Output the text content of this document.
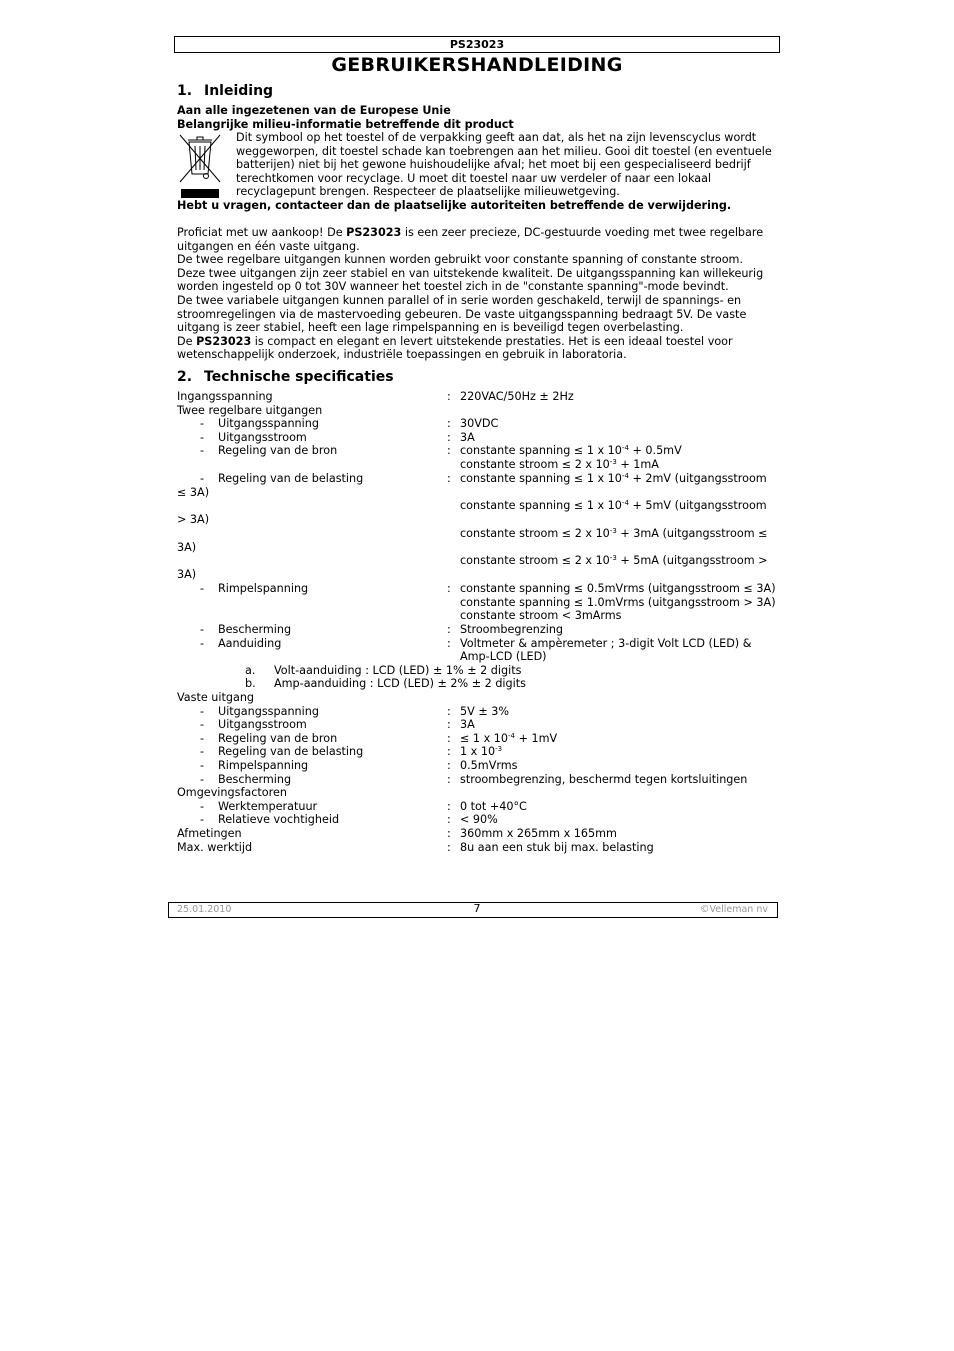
PS23023
GEBRUIKERSHANDLEIDING
1. Inleiding
Aan alle ingezetenen van de Europese Unie
Belangrijke milieu-informatie betreffende dit product
Dit symbool op het toestel of de verpakking geeft aan dat, als het na zijn levenscyclus wordt
weggeworpen, dit toestel schade kan toebrengen aan het milieu. Gooi dit toestel (en eventuele
batterijen) niet bij het gewone huishoudelijke afval; het moet bij een gespecialiseerd bedrijf
terechtkomen voor recyclage. U moet dit toestel naar uw verdeler of naar een lokaal
recyclagepunt brengen. Respecteer de plaatselijke milieuwetgeving.
Hebt u vragen, contacteer dan de plaatselijke autoriteiten betreffende de verwijdering.
Proficiat met uw aankoop! De PS23023 is een zeer precieze, DC-gestuurde voeding met twee regelbare
uitgangen en één vaste uitgang.
De twee regelbare uitgangen kunnen worden gebruikt voor constante spanning of constante stroom.
Deze twee uitgangen zijn zeer stabiel en van uitstekende kwaliteit. De uitgangsspanning kan willekeurig
worden ingesteld op 0 tot 30V wanneer het toestel zich in de "constante spanning"-mode bevindt.
De twee variabele uitgangen kunnen parallel of in serie worden geschakeld, terwijl de spannings- en
stroomregelingen via de mastervoeding gebeuren. De vaste uitgangsspanning bedraagt 5V. De vaste
uitgang is zeer stabiel, heeft een lage rimpelspanning en is beveiligd tegen overbelasting.
De PS23023 is compact en elegant en levert uitstekende prestaties. Het is een ideaal toestel voor
wetenschappelijk onderzoek, industriële toepassingen en gebruik in laboratoria.
2. Technische specificaties
Ingangsspanning	: 220VAC/50Hz ± 2Hz
Twee regelbare uitgangen
- Uitgangsspanning	: 30VDC
- Uitgangsstroom	: 3A
- Regeling van de bron	: constante spanning ≤ 1 x $10^{-4} + 0.5mV$
constante stroom ≤ 2 x $10^{-3} + 1mA$
- Regeling van de belasting	: constante spanning ≤ 1 x $10^{-4} + 2mV$ (uitgangsstroom
≤ 3A)
constante spanning ≤ 1 x $10^{-4} + 5mV$ (uitgangsstroom
> 3A)
constante stroom ≤ 2 x $10^{-3} + 3mA$ (uitgangsstroom ≤
3A)
constante stroom ≤ 2 x $10^{-3} + 5mA$ (uitgangsstroom >
3A)
- Rimpelspanning	: constante spanning ≤ 0.5mVrms (uitgangsstroom ≤ 3A)
constante spanning ≤ 1.0mVrms (uitgangsstroom > 3A)
constante stroom < 3mArms
- Bescherming	: Stroombegrenzing
- Aanduiding	: Voltmeter & ampèremeter ; 3-digit Volt LCD (LED) &
Amp-LCD (LED)
a. Volt-aanduiding : LCD (LED) ± 1% ± 2 digits
b. Amp-aanduiding : LCD (LED) ± 2% ± 2 digits
Vaste uitgang
- Uitgangsspanning	: 5V ± 3%
- Uitgangsstroom	: 3A
- Regeling van de bron	: ≤ 1 x $10^{-4} + 1mV$
- Regeling van de belasting	: 1 x $10^{-3}$
- Rimpelspanning	: 0.5mVrms
- Bescherming	: stroombegrenzing, beschermd tegen kortsluitingen
Omgevingsfactoren
- Werktemperatuur	: 0 tot +40°C
- Relatieve vochtigheid	: < 90%
Afmetingen	: 360mm x 265mm x 165mm
Max. werktijd	: 8u aan een stuk bij max. belasting
25.01.2010	7	©Velleman nv
